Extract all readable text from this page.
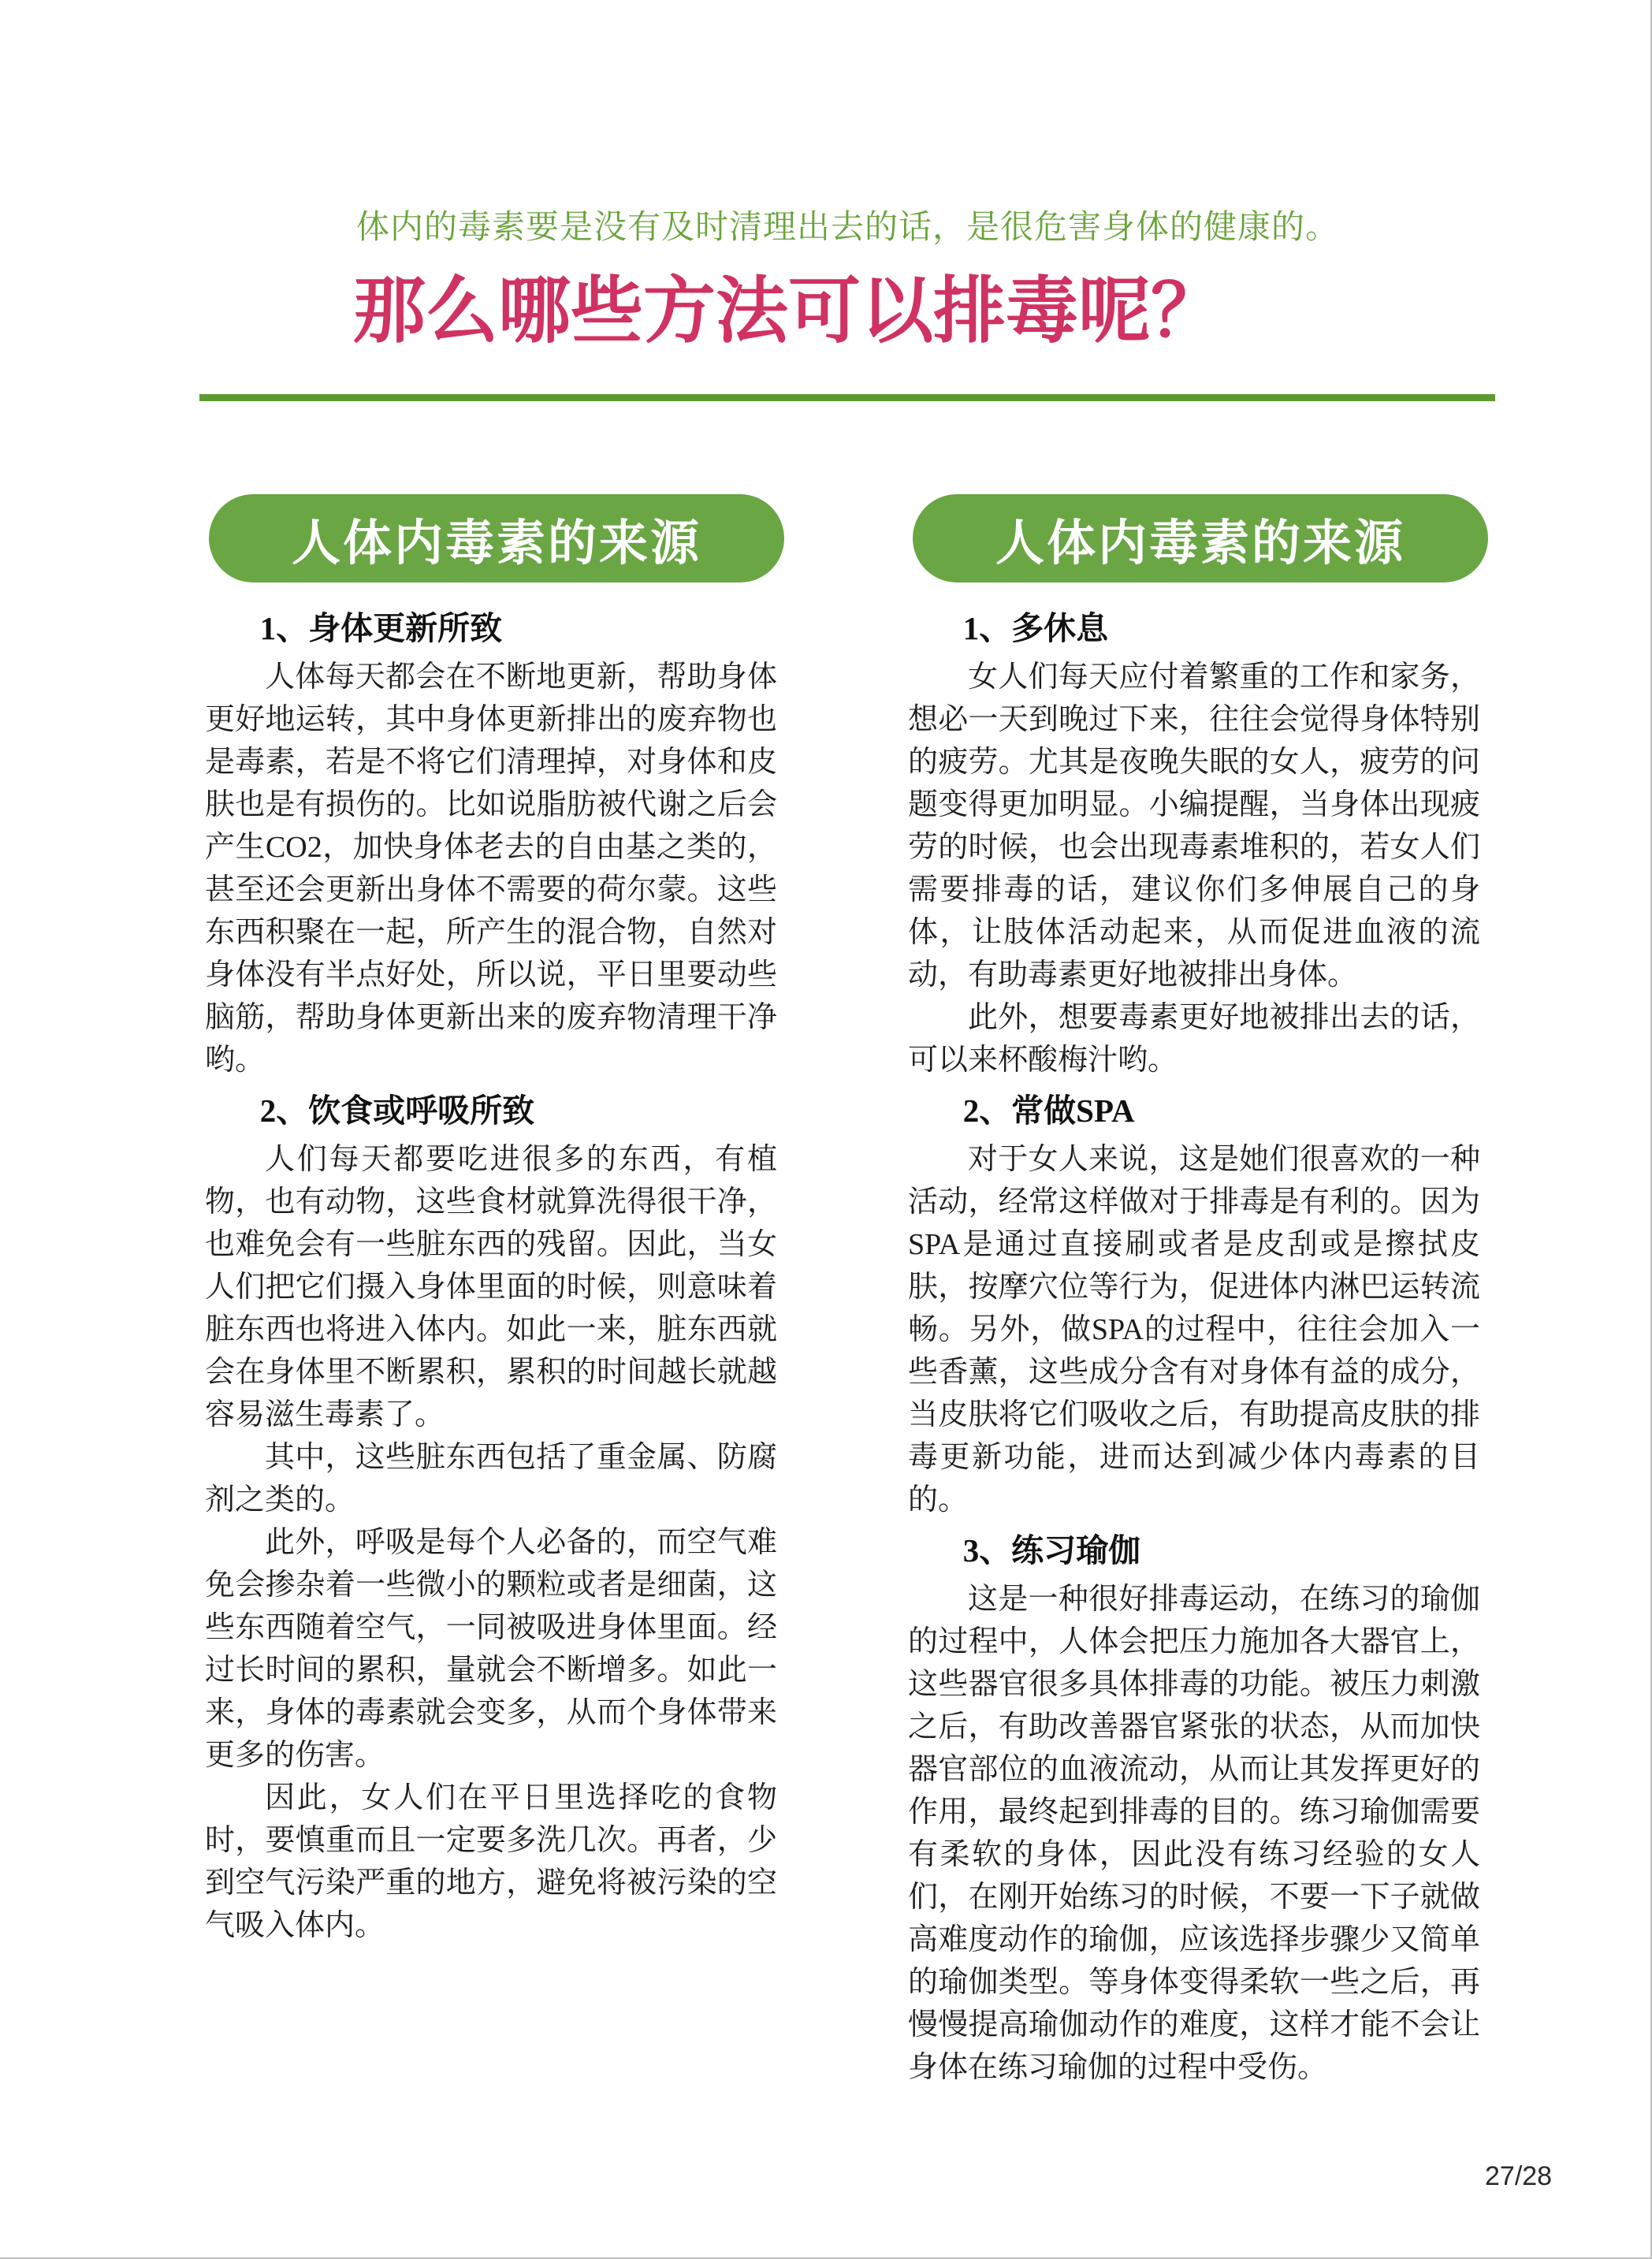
体内的毒素要是没有及时清理出去的话，是很危害身体的健康的。
那么哪些方法可以排毒呢？
人体内毒素的来源	人体内毒素的来源
1、身体更新所致

人体每天都会在不断地更新，帮助身体更好地运转，其中身体更新排出的废弃物也是毒素，若是不将它们清理掉，对身体和皮肤也是有损伤的。比如说脂肪被代谢之后会产生CO2，加快身体老去的自由基之类的，甚至还会更新出身体不需要的荷尔蒙。这些东西积聚在一起，所产生的混合物，自然对身体没有半点好处，所以说，平日里要动些脑筋，帮助身体更新出来的废弃物清理干净哟。

2、饮食或呼吸所致

人们每天都要吃进很多的东西，有植物，也有动物，这些食材就算洗得很干净，也难免会有一些脏东西的残留。因此，当女人们把它们摄入身体里面的时候，则意味着脏东西也将进入体内。如此一来，脏东西就会在身体里不断累积，累积的时间越长就越容易滋生毒素了。

其中，这些脏东西包括了重金属、防腐剂之类的。

此外，呼吸是每个人必备的，而空气难免会掺杂着一些微小的颗粒或者是细菌，这些东西随着空气，一同被吸进身体里面。经过长时间的累积，量就会不断增多。如此一来，身体的毒素就会变多，从而个身体带来更多的伤害。

因此，女人们在平日里选择吃的食物时，要慎重而且一定要多洗几次。再者，少到空气污染严重的地方，避免将被污染的空气吸入体内。

1、多休息

女人们每天应付着繁重的工作和家务，想必一天到晚过下来，往往会觉得身体特别的疲劳。尤其是夜晚失眠的女人，疲劳的问题变得更加明显。小编提醒，当身体出现疲劳的时候，也会出现毒素堆积的，若女人们需要排毒的话，建议你们多伸展自己的身体，让肢体活动起来，从而促进血液的流动，有助毒素更好地被排出身体。

此外，想要毒素更好地被排出去的话，可以来杯酸梅汁哟。

2、常做SPA

对于女人来说，这是她们很喜欢的一种活动，经常这样做对于排毒是有利的。因为SPA是通过直接刷或者是皮刮或是擦拭皮肤，按摩穴位等行为，促进体内淋巴运转流畅。另外，做SPA的过程中，往往会加入一些香薰，这些成分含有对身体有益的成分，当皮肤将它们吸收之后，有助提高皮肤的排毒更新功能，进而达到减少体内毒素的目的。

3、练习瑜伽

这是一种很好排毒运动，在练习的瑜伽的过程中，人体会把压力施加各大器官上，这些器官很多具体排毒的功能。被压力刺激之后，有助改善器官紧张的状态，从而加快器官部位的血液流动，从而让其发挥更好的作用，最终起到排毒的目的。练习瑜伽需要有柔软的身体，因此没有练习经验的女人们，在刚开始练习的时候，不要一下子就做高难度动作的瑜伽，应该选择步骤少又简单的瑜伽类型。等身体变得柔软一些之后，再慢慢提高瑜伽动作的难度，这样才能不会让身体在练习瑜伽的过程中受伤。

27/28
